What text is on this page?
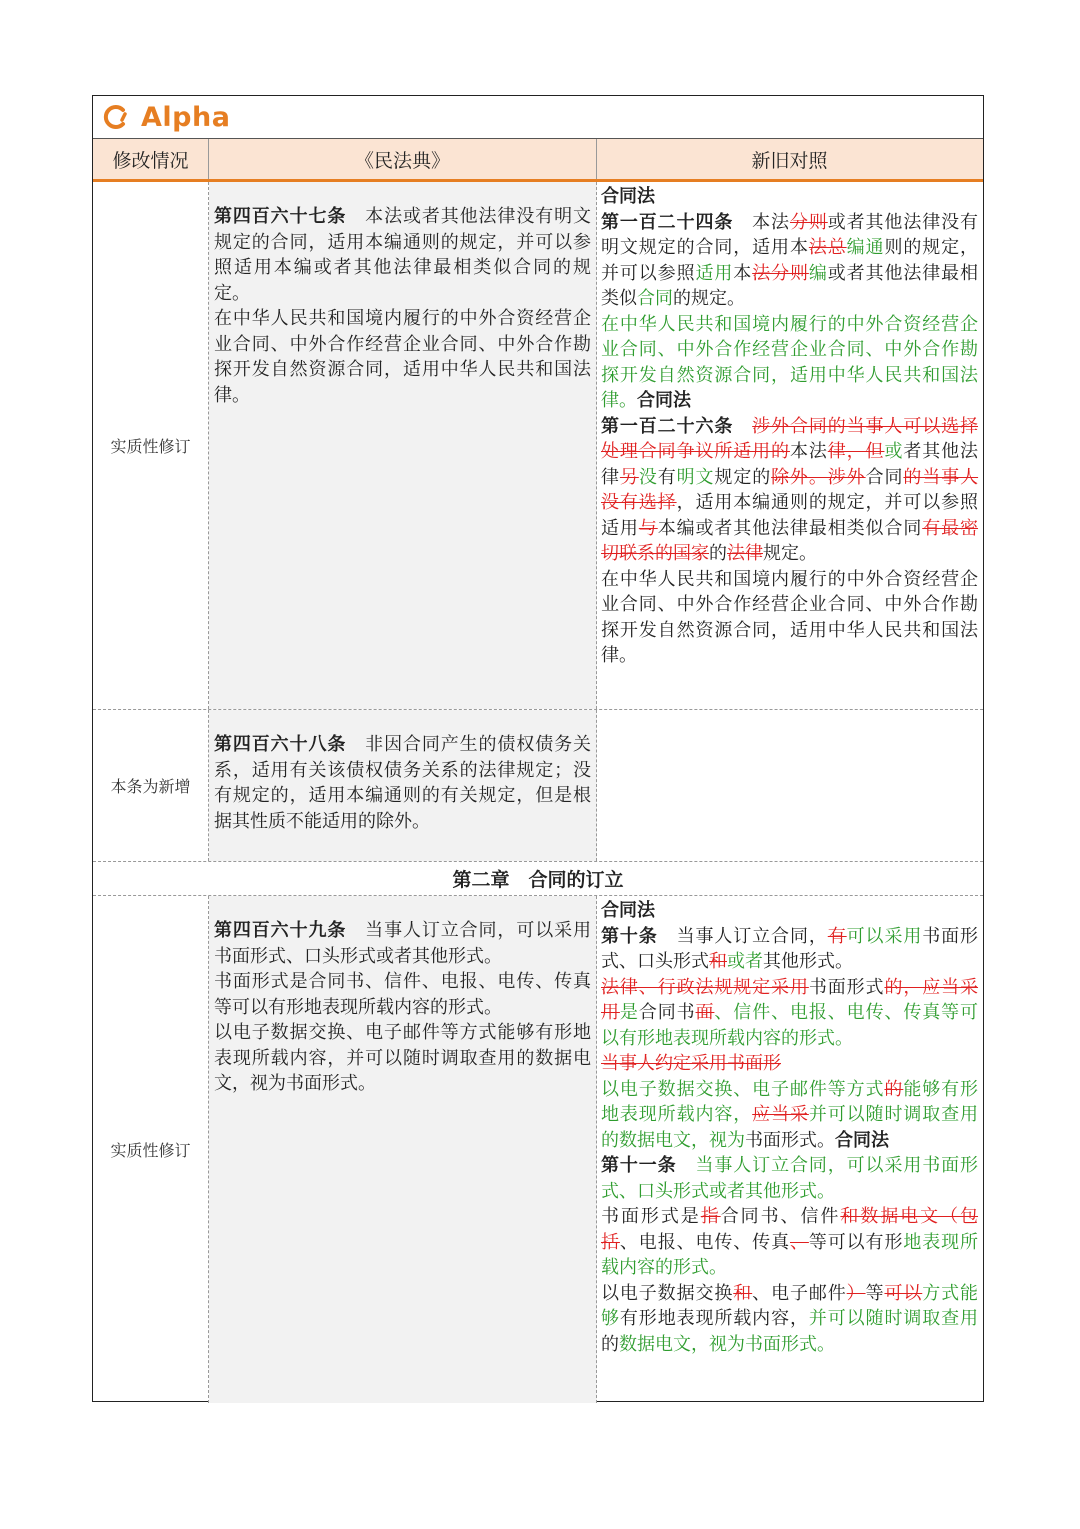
Alpha
修改情况	《民法典》	新旧对照
实质性修订
第四百六十七条　 本法或者其他法律没有明文规定的合同，适用本编通则的规定，并可以参照适用本编或者其他法律最相类似合同的规定。
在中华人民共和国境内履行的中外合资经营企业合同、中外合作经营企业合同、中外合作勘探开发自然资源合同，适用中华人民共和国法律。
合同法
第一百二十四条　本法分则或者其他法律没有明文规定的合同，适用本法总编通则的规定，并可以参照适用本法分则编或者其他法律最相类似合同的规定。
在中华人民共和国境内履行的中外合资经营企业合同、中外合作经营企业合同、中外合作勘探开发自然资源合同，适用中华人民共和国法律。合同法
第一百二十六条　 涉外合同的当事人可以选择处理合同争议所适用的本法律，但或者其他法律另没有明文规定的除外。涉外合同的当事人没有选择，适用本编通则的规定，并可以参照适用与本编或者其他法律最相类似合同有最密切联系的国家的法律规定。
在中华人民共和国境内履行的中外合资经营企业合同、中外合作经营企业合同、中外合作勘探开发自然资源合同，适用中华人民共和国法律。
本条为新增
第四百六十八条　 非因合同产生的债权债务关系，适用有关该债权债务关系的法律规定；没有规定的，适用本编通则的有关规定，但是根据其性质不能适用的除外。
第二章　合同的订立
实质性修订
第四百六十九条　 当事人订立合同，可以采用书面形式、口头形式或者其他形式。
书面形式是合同书、信件、电报、电传、传真等可以有形地表现所载内容的形式。
以电子数据交换、电子邮件等方式能够有形地表现所载内容，并可以随时调取查用的数据电文，视为书面形式。
合同法
第十条　当事人订立合同，有可以采用书面形式、口头形式和或者其他形式。
法律、行政法规规定采用书面形式的，应当采用是合同书面、信件、电报、电传、传真等可以有形地表现所载内容的形式。
当事人约定采用书面形
以电子数据交换、电子邮件等方式的能够有形地表现所载内容，应当采并可以随时调取查用的数据电文，视为书面形式。合同法
第十一条　 当事人订立合同，可以采用书面形式、口头形式或者其他形式。
书面形式是指合同书、信件和数据电文（包括、电报、电传、传真、等可以有形地表现所载内容的形式。
以电子数据交换和、电子邮件）等可以方式能够有形地表现所载内容，并可以随时调取查用的数据电文，视为书面形式。
